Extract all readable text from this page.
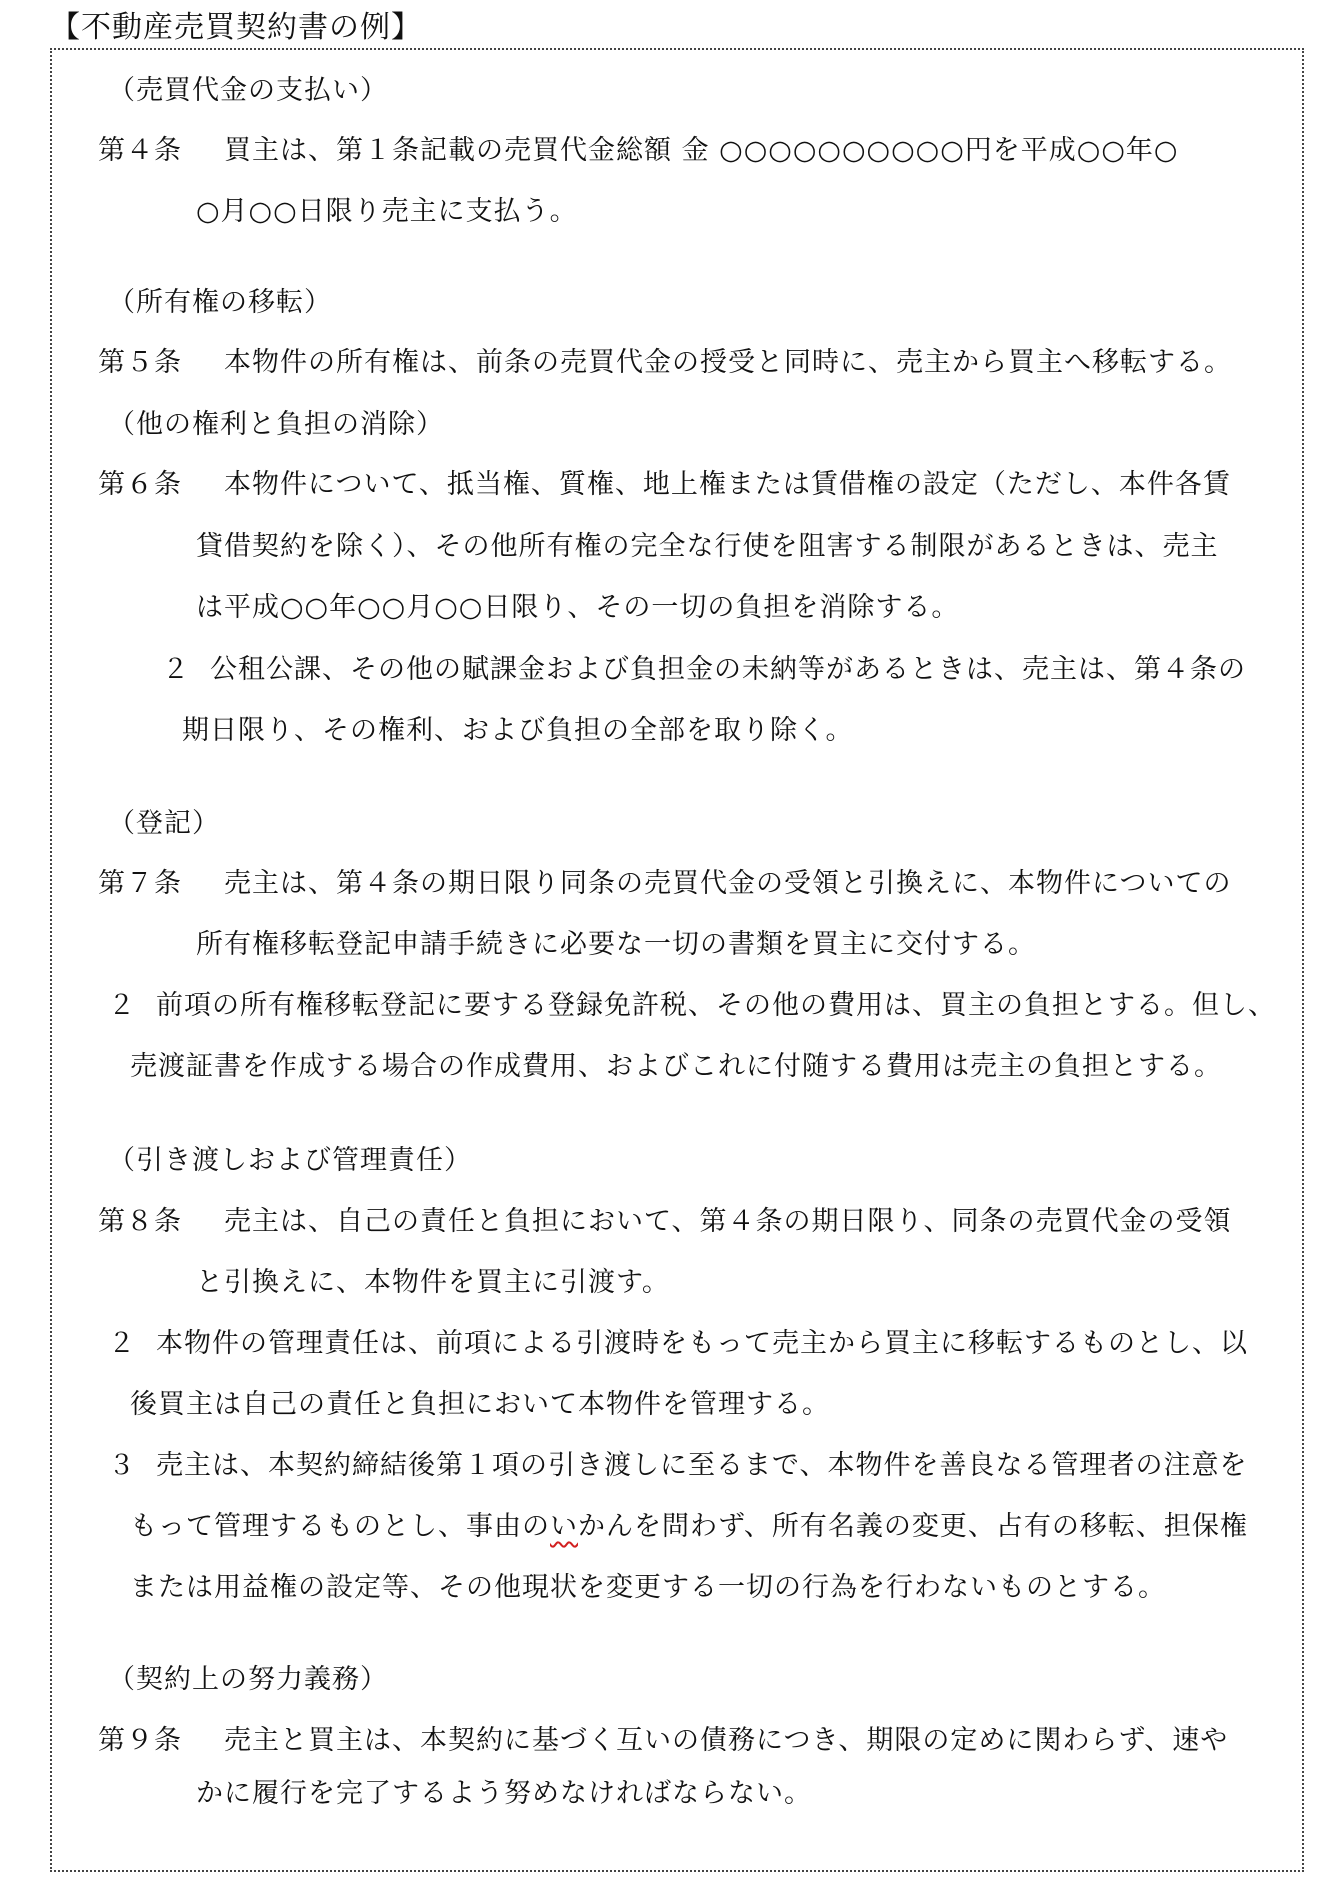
【不動産売買契約書の例】
（売買代金の支払い）
第４条 買主は、第１条記載の売買代金総額 金 ○○○○○○○○○○円を平成○○年○
○月○○日限り売主に支払う。
（所有権の移転）
第５条 本物件の所有権は、前条の売買代金の授受と同時に、売主から買主へ移転する。
（他の権利と負担の消除）
第６条 本物件について、抵当権、質権、地上権または賃借権の設定（ただし、本件各賃
貸借契約を除く）、その他所有権の完全な行使を阻害する制限があるときは、売主
は平成○○年○○月○○日限り、その一切の負担を消除する。
２ 公租公課、その他の賦課金および負担金の未納等があるときは、売主は、第４条の
期日限り、その権利、および負担の全部を取り除く。
（登記）
第７条 売主は、第４条の期日限り同条の売買代金の受領と引換えに、本物件についての
所有権移転登記申請手続きに必要な一切の書類を買主に交付する。
２ 前項の所有権移転登記に要する登録免許税、その他の費用は、買主の負担とする。但し、
売渡証書を作成する場合の作成費用、およびこれに付随する費用は売主の負担とする。
（引き渡しおよび管理責任）
第８条 売主は、自己の責任と負担において、第４条の期日限り、同条の売買代金の受領
と引換えに、本物件を買主に引渡す。
２ 本物件の管理責任は、前項による引渡時をもって売主から買主に移転するものとし、以
後買主は自己の責任と負担において本物件を管理する。
３ 売主は、本契約締結後第１項の引き渡しに至るまで、本物件を善良なる管理者の注意を
もって管理するものとし、事由のいかんを問わず、所有名義の変更、占有の移転、担保権
または用益権の設定等、その他現状を変更する一切の行為を行わないものとする。
（契約上の努力義務）
第９条 売主と買主は、本契約に基づく互いの債務につき、期限の定めに関わらず、速や
かに履行を完了するよう努めなければならない。
